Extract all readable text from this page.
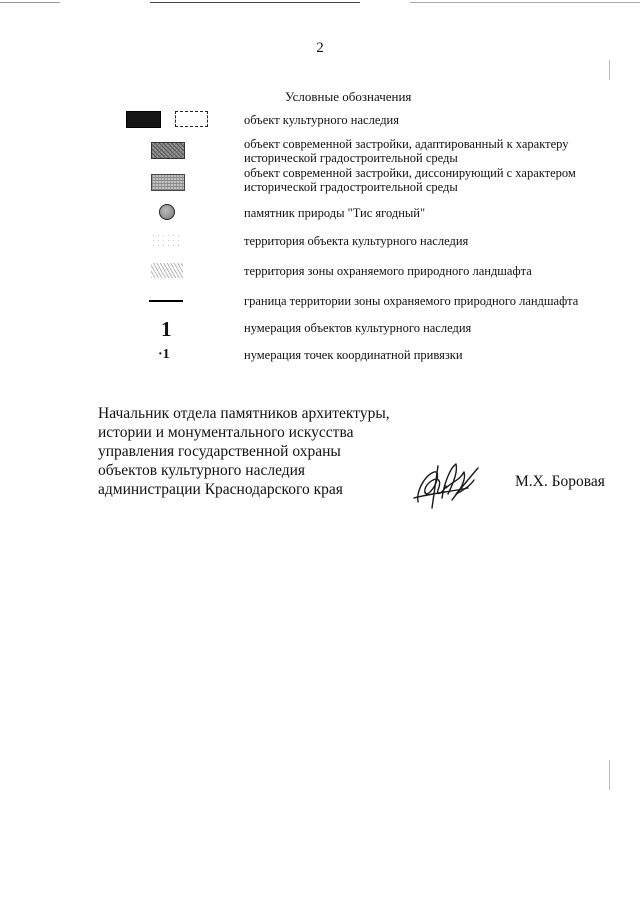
2
Условные обозначения
объект культурного наследия
объект современной застройки, адаптированный к характеру
исторической градостроительной среды
объект современной застройки, диссонирующий с характером
исторической градостроительной среды
памятник природы "Тис ягодный"
территория объекта культурного наследия
территория зоны охраняемого природного ландшафта
граница территории зоны охраняемого природного ландшафта
1	нумерация объектов культурного наследия
·1	нумерация точек координатной привязки
Начальник отдела памятников архитектуры,
истории и монументального искусства
управления государственной охраны
объектов культурного наследия
администрации Краснодарского края	М.Х. Боровая
